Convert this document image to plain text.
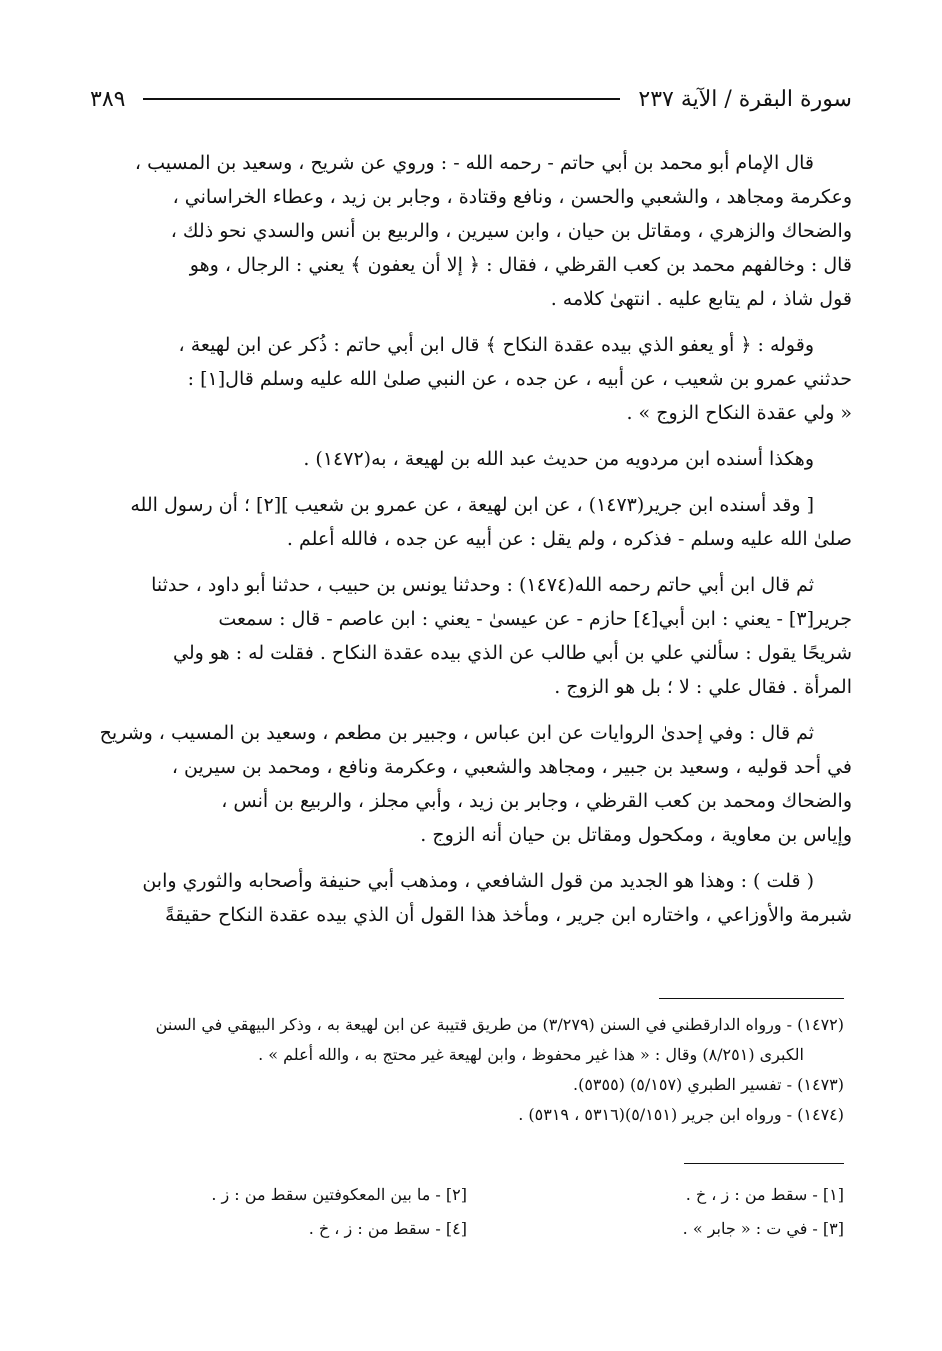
سورة البقرة / الآية ٢٣٧
٣٨٩

قال الإمام أبو محمد بن أبي حاتم - رحمه الله - : وروي عن شريح ، وسعيد بن المسيب ،
وعكرمة ومجاهد ، والشعبي والحسن ، ونافع وقتادة ، وجابر بن زيد ، وعطاء الخراساني ،
والضحاك والزهري ، ومقاتل بن حيان ، وابن سيرين ، والربيع بن أنس والسدي نحو ذلك ،
قال : وخالفهم محمد بن كعب القرظي ، فقال : ﴿ إلا أن يعفون ﴾ يعني : الرجال ، وهو
قول شاذ ، لم يتابع عليه . انتهىٰ كلامه .

وقوله : ﴿ أو يعفو الذي بيده عقدة النكاح ﴾ قال ابن أبي حاتم : ذُكر عن ابن لهيعة ،
حدثني عمرو بن شعيب ، عن أبيه ، عن جده ، عن النبي صلىٰ الله عليه وسلم قال[١] :
« ولي عقدة النكاح الزوج » .

وهكذا أسنده ابن مردويه من حديث عبد الله بن لهيعة ، به(١٤٧٢) .

[ وقد أسنده ابن جرير(١٤٧٣) ، عن ابن لهيعة ، عن عمرو بن شعيب ][٢] ؛ أن رسول الله
صلىٰ الله عليه وسلم - فذكره ، ولم يقل : عن أبيه عن جده ، فالله أعلم .

ثم قال ابن أبي حاتم رحمه الله(١٤٧٤) : وحدثنا يونس بن حبيب ، حدثنا أبو داود ، حدثنا
جرير[٣] - يعني : ابن أبي[٤] حازم - عن عيسىٰ - يعني : ابن عاصم - قال : سمعت
شريحًا يقول : سألني علي بن أبي طالب عن الذي بيده عقدة النكاح . فقلت له : هو ولي
المرأة . فقال علي : لا ؛ بل هو الزوج .

ثم قال : وفي إحدىٰ الروايات عن ابن عباس ، وجبير بن مطعم ، وسعيد بن المسيب ، وشريح
في أحد قوليه ، وسعيد بن جبير ، ومجاهد والشعبي ، وعكرمة ونافع ، ومحمد بن سيرين ،
والضحاك ومحمد بن كعب القرظي ، وجابر بن زيد ، وأبي مجلز ، والربيع بن أنس ،
وإياس بن معاوية ، ومكحول ومقاتل بن حيان أنه الزوج .

( قلت ) : وهذا هو الجديد من قول الشافعي ، ومذهب أبي حنيفة وأصحابه والثوري وابن
شبرمة والأوزاعي ، واختاره ابن جرير ، ومأخذ هذا القول أن الذي بيده عقدة النكاح حقيقةً

(١٤٧٢) - ورواه الدارقطني في السنن (٣/٢٧٩) من طريق قتيبة عن ابن لهيعة به ، وذكر البيهقي في السنن
الكبرى (٨/٢٥١) وقال : « هذا غير محفوظ ، وابن لهيعة غير محتج به ، والله أعلم » .

(١٤٧٣) - تفسير الطبري (٥/١٥٧) (٥٣٥٥).

(١٤٧٤) - ورواه ابن جرير (٥/١٥١)(٥٣١٦ ، ٥٣١٩) .

[١] - سقط من : ز ، خ .
[٢] - ما بين المعكوفتين سقط من : ز .
[٣] - في ت : « جابر » .
[٤] - سقط من : ز ، خ .
